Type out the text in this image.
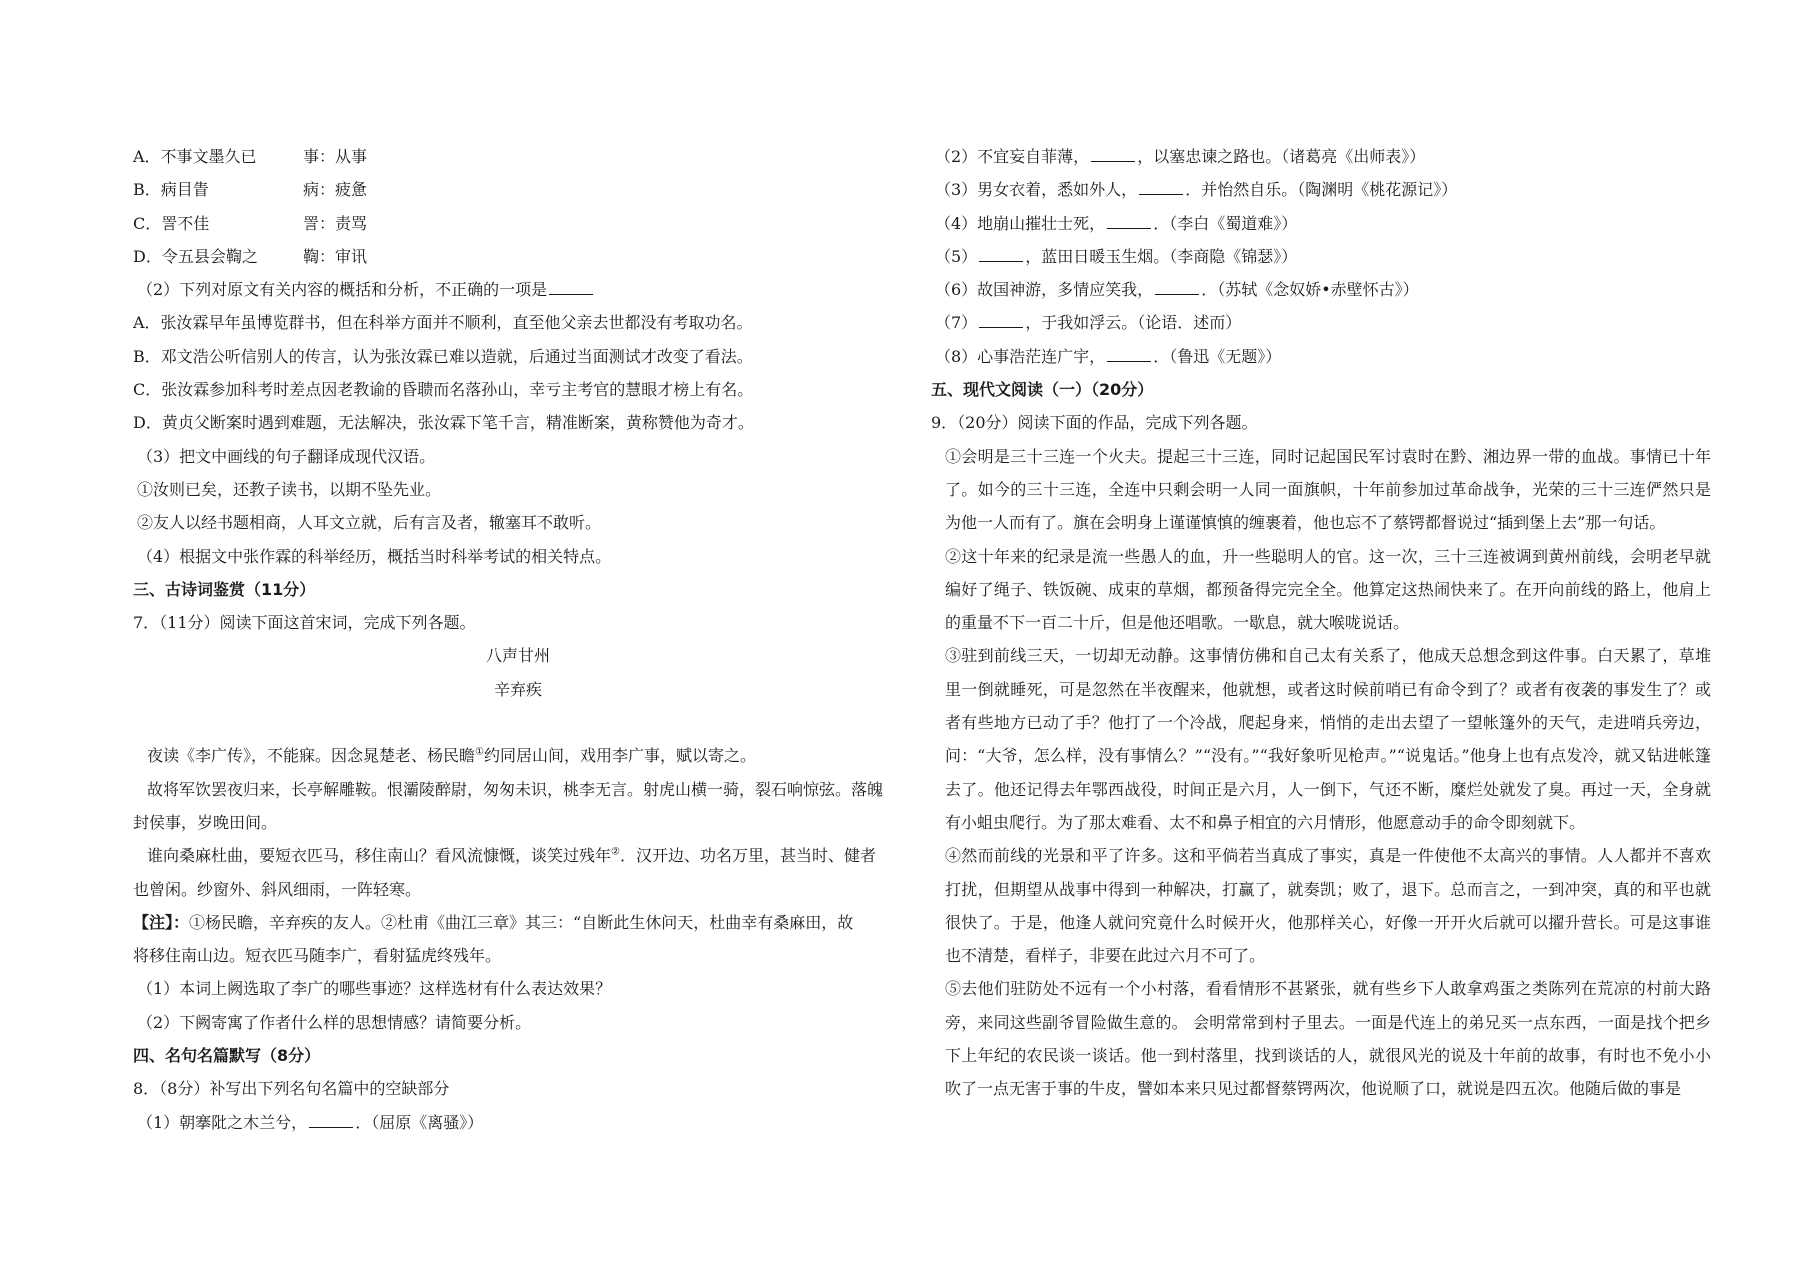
A．不事文墨久已	事：从事
B．病目眚	病：疲惫
C．詈不佳	詈：责骂
D．令五县会鞫之	鞫：审讯
（2）下列对原文有关内容的概括和分析，不正确的一项是
A．张汝霖早年虽博览群书，但在科举方面并不顺利，直至他父亲去世都没有考取功名。
B．邓文浩公听信别人的传言，认为张汝霖已难以造就，后通过当面测试才改变了看法。
C．张汝霖参加科考时差点因老教谕的昏聩而名落孙山，幸亏主考官的慧眼才榜上有名。
D．黄贞父断案时遇到难题，无法解决，张汝霖下笔千言，精准断案，黄称赞他为奇才。
（3）把文中画线的句子翻译成现代汉语。
①汝则已矣，还教子读书，以期不坠先业。
②友人以经书题相商，人耳文立就，后有言及者，辙塞耳不敢听。
（4）根据文中张作霖的科举经历，概括当时科举考试的相关特点。
三、古诗词鉴赏（11分）
7．（11分）阅读下面这首宋词，完成下列各题。
八声甘州
辛弃疾
夜读《李广传》，不能寐。因念晁楚老、杨民瞻①约同居山间，戏用李广事，赋以寄之。
故将军饮罢夜归来，长亭解雕鞍。恨灞陵醉尉，匆匆未识，桃李无言。射虎山横一骑，裂石响惊弦。落魄
封侯事，岁晚田间。
谁向桑麻杜曲，要短衣匹马，移住南山？看风流慷慨，谈笑过残年②．汉开边、功名万里，甚当时、健者
也曾闲。纱窗外、斜风细雨，一阵轻寒。
【注】：①杨民瞻，辛弃疾的友人。②杜甫《曲江三章》其三：“自断此生休问天，杜曲幸有桑麻田，故
将移住南山边。短衣匹马随李广，看射猛虎终残年。
（1）本词上阙选取了李广的哪些事迹？这样选材有什么表达效果？
（2）下阙寄寓了作者什么样的思想情感？请简要分析。
四、名句名篇默写（8分）
8．（8分）补写出下列名句名篇中的空缺部分
（1）朝搴阰之木兰兮，	．（屈原《离骚》）
（2）不宜妄自菲薄，	，以塞忠谏之路也。（诸葛亮《出师表》）
（3）男女衣着，悉如外人，	．并怡然自乐。（陶渊明《桃花源记》）
（4）地崩山摧壮士死，	．（李白《蜀道难》）
（5）	，蓝田日暖玉生烟。（李商隐《锦瑟》）
（6）故国神游，多情应笑我，	．（苏轼《念奴娇•赤壁怀古》）
（7）	，于我如浮云。（论语．述而）
（8）心事浩茫连广宇，	．（鲁迅《无题》）
五、现代文阅读（一）（20分）
9．（20分）阅读下面的作品，完成下列各题。
①会明是三十三连一个火夫。提起三十三连，同时记起国民军讨袁时在黔、湘边界一带的血战。事情已十年了。如今的三十三连，全连中只剩会明一人同一面旗帜，十年前参加过革命战争，光荣的三十三连俨然只是为他一人而有了。旗在会明身上谨谨慎慎的缠裹着，他也忘不了蔡锷都督说过“插到堡上去”那一句话。
②这十年来的纪录是流一些愚人的血，升一些聪明人的官。这一次，三十三连被调到黄州前线，会明老早就编好了绳子、铁饭碗、成束的草烟，都预备得完完全全。他算定这热闹快来了。在开向前线的路上，他肩上的重量不下一百二十斤，但是他还唱歌。一歇息，就大喉咙说话。
③驻到前线三天，一切却无动静。这事情仿佛和自己太有关系了，他成天总想念到这件事。白天累了，草堆里一倒就睡死，可是忽然在半夜醒来，他就想，或者这时候前哨已有命令到了？或者有夜袭的事发生了？或者有些地方已动了手？他打了一个冷战，爬起身来，悄悄的走出去望了一望帐篷外的天气，走进哨兵旁边，问：“大爷，怎么样，没有事情么？”“没有。”“我好象听见枪声。”“说鬼话。”他身上也有点发冷，就又钻进帐篷去了。他还记得去年鄂西战役，时间正是六月，人一倒下，气还不断，糜烂处就发了臭。再过一天，全身就有小蛆虫爬行。为了那太难看、太不和鼻子相宜的六月情形，他愿意动手的命令即刻就下。
④然而前线的光景和平了许多。这和平倘若当真成了事实，真是一件使他不太高兴的事情。人人都并不喜欢打扰，但期望从战事中得到一种解决，打赢了，就奏凯；败了，退下。总而言之，一到冲突，真的和平也就很快了。于是，他逢人就问究竟什么时候开火，他那样关心，好像一开开火后就可以擢升营长。可是这事谁也不清楚，看样子，非要在此过六月不可了。
⑤去他们驻防处不远有一个小村落，看看情形不甚紧张，就有些乡下人敢拿鸡蛋之类陈列在荒凉的村前大路旁，来同这些副爷冒险做生意的。 会明常常到村子里去。一面是代连上的弟兄买一点东西，一面是找个把乡下上年纪的农民谈一谈话。他一到村落里，找到谈话的人，就很风光的说及十年前的故事，有时也不免小小吹了一点无害于事的牛皮，譬如本来只见过都督蔡锷两次，他说顺了口，就说是四五次。他随后做的事是
